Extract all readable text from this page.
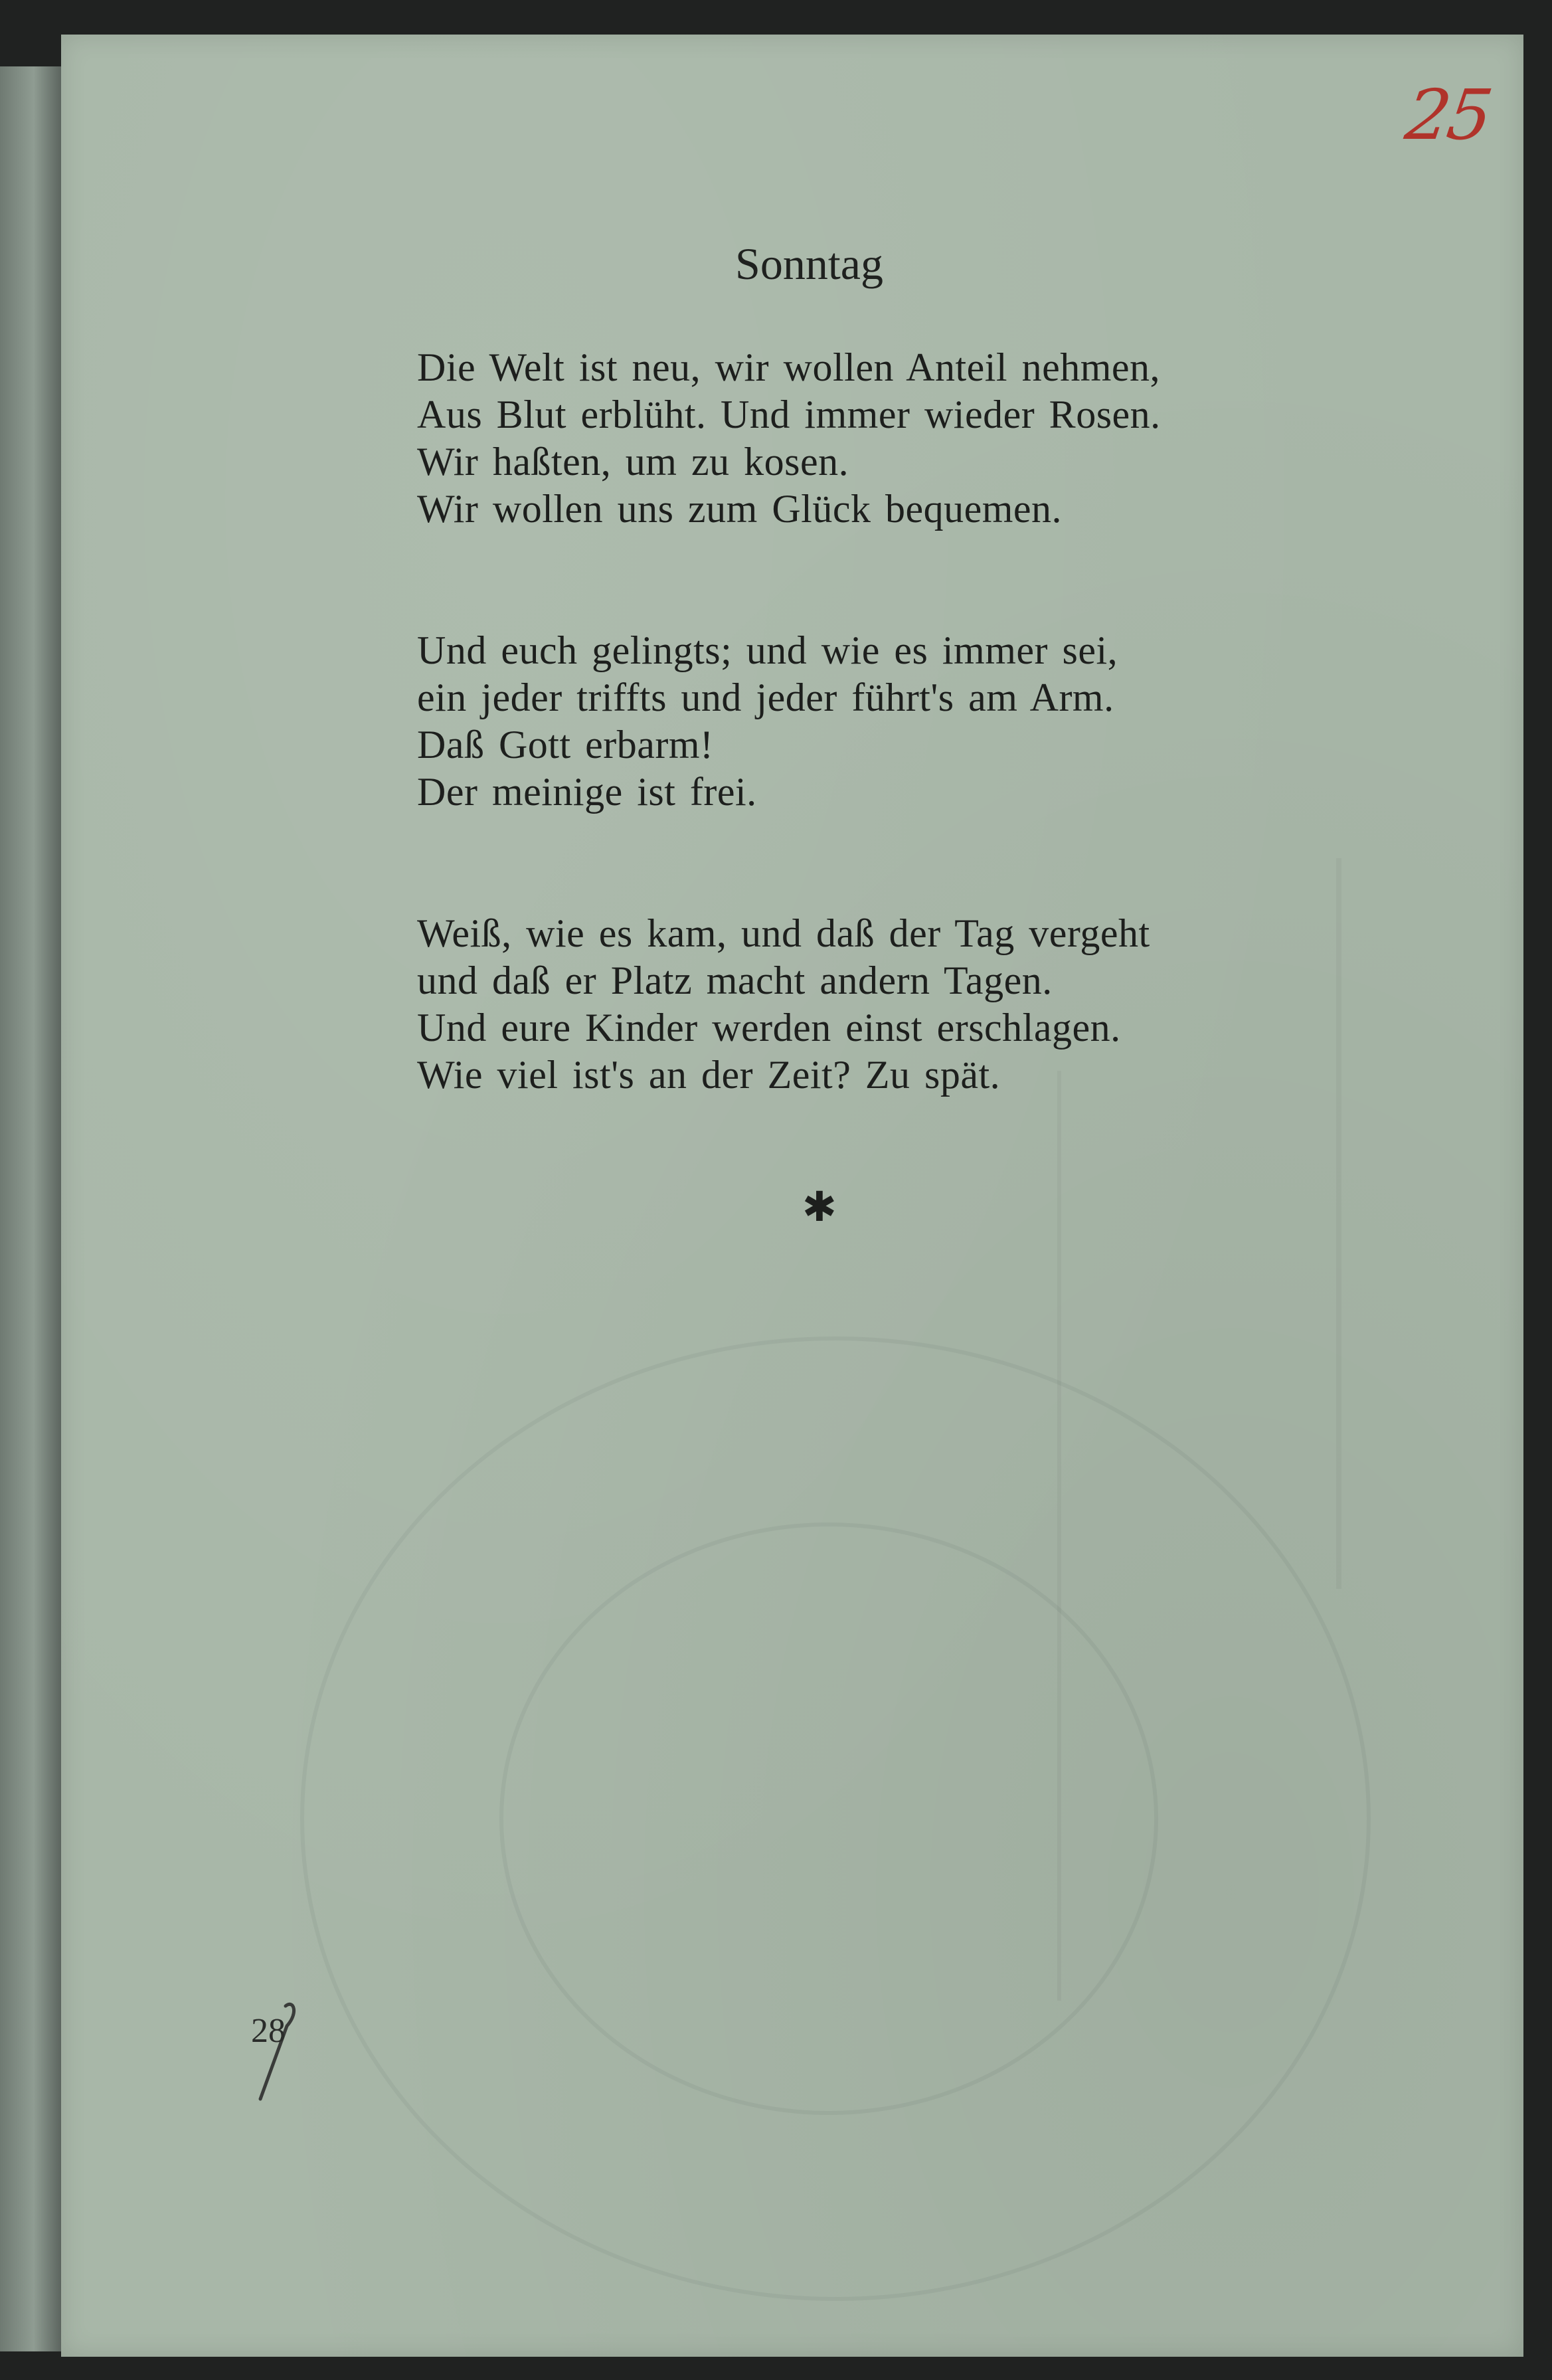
25
Sonntag
Die Welt ist neu, wir wollen Anteil nehmen,
Aus Blut erblüht. Und immer wieder Rosen.
Wir haßten, um zu kosen.
Wir wollen uns zum Glück bequemen.
Und euch gelingts; und wie es immer sei,
ein jeder triffts und jeder führt's am Arm.
Daß Gott erbarm!
Der meinige ist frei.
Weiß, wie es kam, und daß der Tag vergeht
und daß er Platz macht andern Tagen.
Und eure Kinder werden einst erschlagen.
Wie viel ist's an der Zeit? Zu spät.
✱
28
